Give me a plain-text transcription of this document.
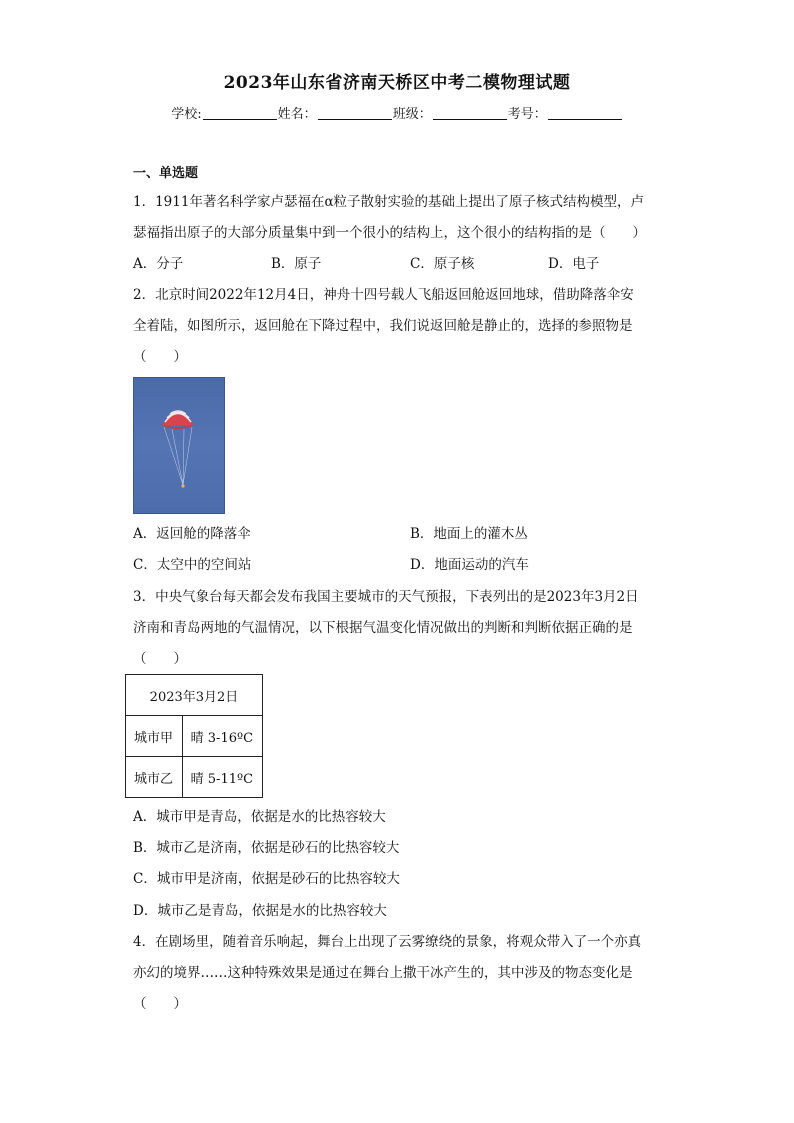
2023年山东省济南天桥区中考二模物理试题
学校:	姓名：	班级：	考号：
一、单选题
1．1911年著名科学家卢瑟福在α粒子散射实验的基础上提出了原子核式结构模型，卢
瑟福指出原子的大部分质量集中到一个很小的结构上，这个很小的结构指的是（　　）
A．分子	B．原子	C．原子核	D．电子
2．北京时间2022年12月4日，神舟十四号载人飞船返回舱返回地球，借助降落伞安
全着陆，如图所示，返回舱在下降过程中，我们说返回舱是静止的，选择的参照物是
（　　）
A．返回舱的降落伞	B．地面上的灌木丛
C．太空中的空间站	D．地面运动的汽车
3．中央气象台每天都会发布我国主要城市的天气预报，下表列出的是2023年3月2日
济南和青岛两地的气温情况，以下根据气温变化情况做出的判断和判断依据正确的是
（　　）
2023年3月2日	
城市甲	晴 3-16ºC
城市乙	晴 5-11ºC
A．城市甲是青岛，依据是水的比热容较大
B．城市乙是济南，依据是砂石的比热容较大
C．城市甲是济南，依据是砂石的比热容较大
D．城市乙是青岛，依据是水的比热容较大
4．在剧场里，随着音乐响起，舞台上出现了云雾缭绕的景象，将观众带入了一个亦真
亦幻的境界……这种特殊效果是通过在舞台上撒干冰产生的，其中涉及的物态变化是
（　　）
